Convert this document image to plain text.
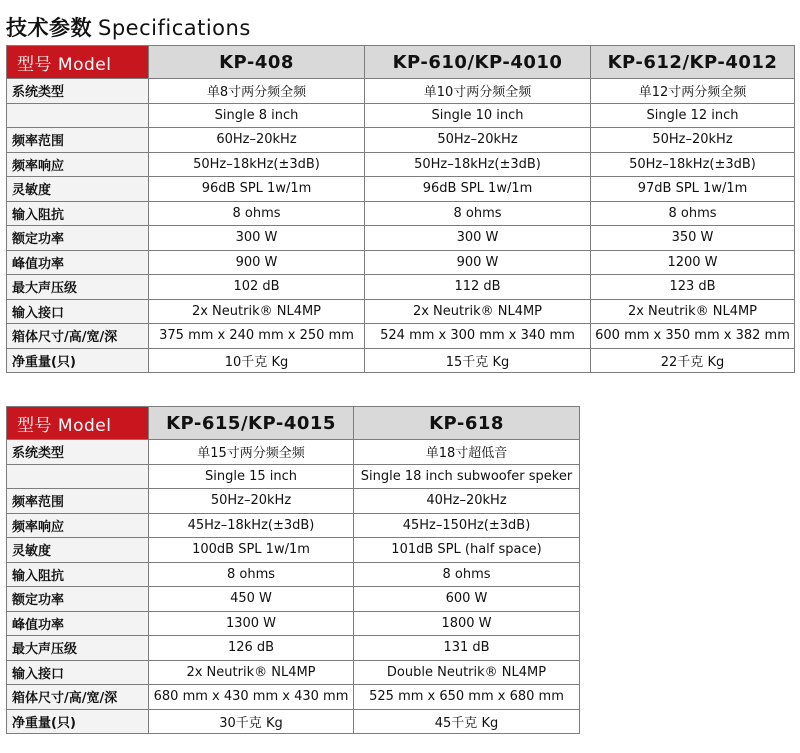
技术参数 Specifications
型号 Model	KP-408	KP-610/KP-4010	KP-612/KP-4012
系统类型	单8寸两分频全频	单10寸两分频全频	单12寸两分频全频
	Single 8 inch	Single 10 inch	Single 12 inch
频率范围	60Hz–20kHz	50Hz–20kHz	50Hz–20kHz
频率响应	50Hz–18kHz(±3dB)	50Hz–18kHz(±3dB)	50Hz–18kHz(±3dB)
灵敏度	96dB SPL 1w/1m	96dB SPL 1w/1m	97dB SPL 1w/1m
输入阻抗	8 ohms	8 ohms	8 ohms
额定功率	300 W	300 W	350 W
峰值功率	900 W	900 W	1200 W
最大声压级	102 dB	112 dB	123 dB
输入接口	2x Neutrik® NL4MP	2x Neutrik® NL4MP	2x Neutrik® NL4MP
箱体尺寸/高/宽/深	375 mm x 240 mm x 250 mm	524 mm x 300 mm x 340 mm	600 mm x 350 mm x 382 mm
净重量(只)	10千克 Kg	15千克 Kg	22千克 Kg
型号 Model	KP-615/KP-4015	KP-618
系统类型	单15寸两分频全频	单18寸超低音
	Single 15 inch	Single 18 inch subwoofer speker
频率范围	50Hz–20kHz	40Hz–20kHz
频率响应	45Hz–18kHz(±3dB)	45Hz–150Hz(±3dB)
灵敏度	100dB SPL 1w/1m	101dB SPL (half space)
输入阻抗	8 ohms	8 ohms
额定功率	450 W	600 W
峰值功率	1300 W	1800 W
最大声压级	126 dB	131 dB
输入接口	2x Neutrik® NL4MP	Double Neutrik® NL4MP
箱体尺寸/高/宽/深	680 mm x 430 mm x 430 mm	525 mm x 650 mm x 680 mm
净重量(只)	30千克 Kg	45千克 Kg
